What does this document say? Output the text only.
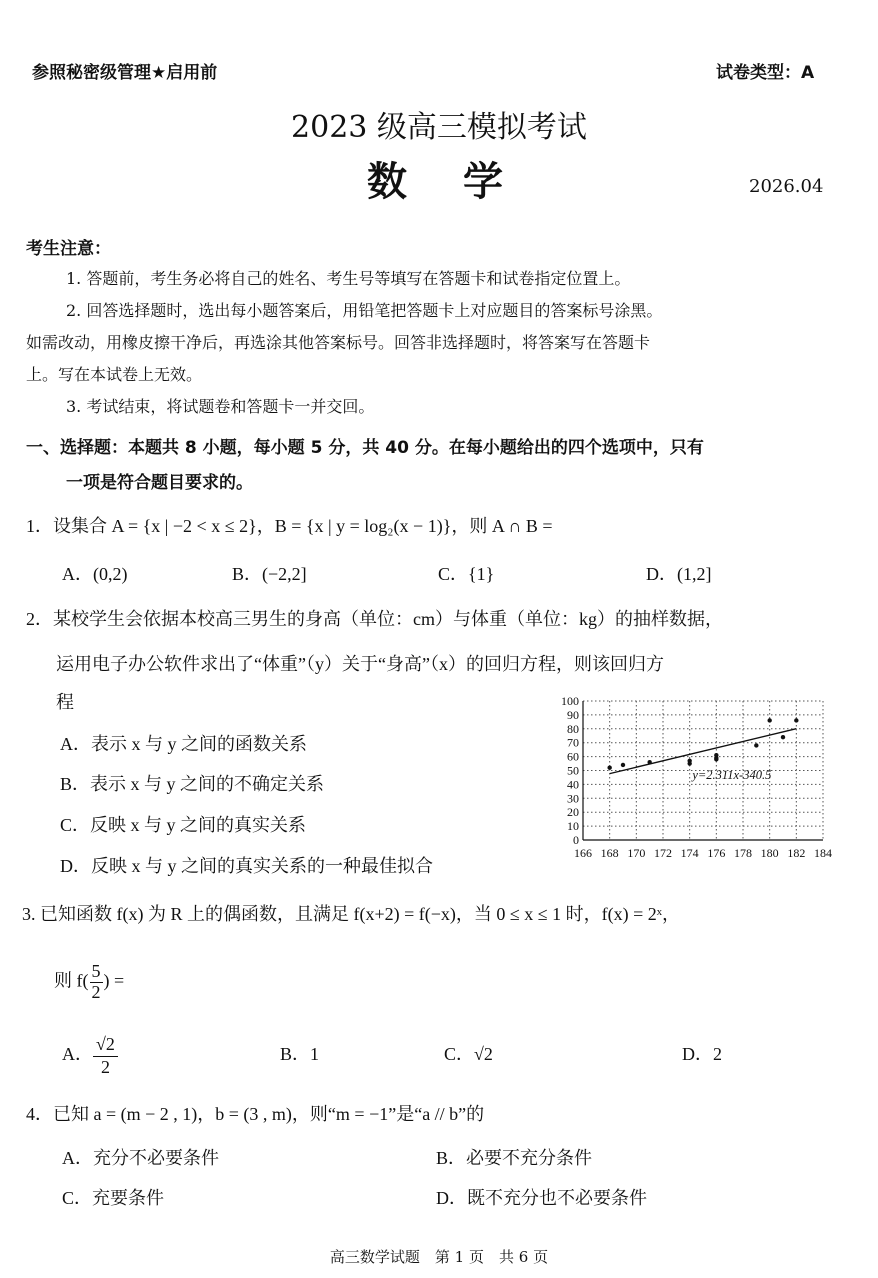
参照秘密级管理★启用前	试卷类型：A
2023 级高三模拟考试
数　学	2026.04
考生注意：
1. 答题前，考生务必将自己的姓名、考生号等填写在答题卡和试卷指定位置上。
2. 回答选择题时，选出每小题答案后，用铅笔把答题卡上对应题目的答案标号涂黑。
如需改动，用橡皮擦干净后，再选涂其他答案标号。回答非选择题时，将答案写在答题卡
上。写在本试卷上无效。
3. 考试结束，将试题卷和答题卡一并交回。
一、选择题：本题共 8 小题，每小题 5 分，共 40 分。在每小题给出的四个选项中，只有
一项是符合题目要求的。
1．设集合 A = {x | −2 < x ≤ 2}，B = {x | y = log₂(x − 1)}，则 A ∩ B =
A．(0,2)	B．(−2,2]	C．{1}	D．(1,2]
2．某校学生会依据本校高三男生的身高（单位：cm）与体重（单位：kg）的抽样数据，
运用电子办公软件求出了“体重”（y）关于“身高”（x）的回归方程，则该回归方
程
A．表示 x 与 y 之间的函数关系
B．表示 x 与 y 之间的不确定关系
C．反映 x 与 y 之间的真实关系
D．反映 x 与 y 之间的真实关系的一种最佳拟合
166 168 170 172 174 176 178 180 182 184
0
10
20
30
40
50
60
70
80
90
100
y=2.311x-340.5
3. 已知函数 f(x) 为 R 上的偶函数，且满足 f(x+2) = f(−x)，当 0 ≤ x ≤ 1 时，f(x) = 2ˣ，
则 $f( \frac{5}{2}$ ) =
A． $\frac{√2}{2}$	B．1	C．√2	D．2
4．已知 a = (m − 2 , 1)，b = (3 , m)，则“m = −1”是“a // b”的
A．充分不必要条件	B．必要不充分条件
C．充要条件	D．既不充分也不必要条件
高三数学试题　第 1 页　共 6 页
